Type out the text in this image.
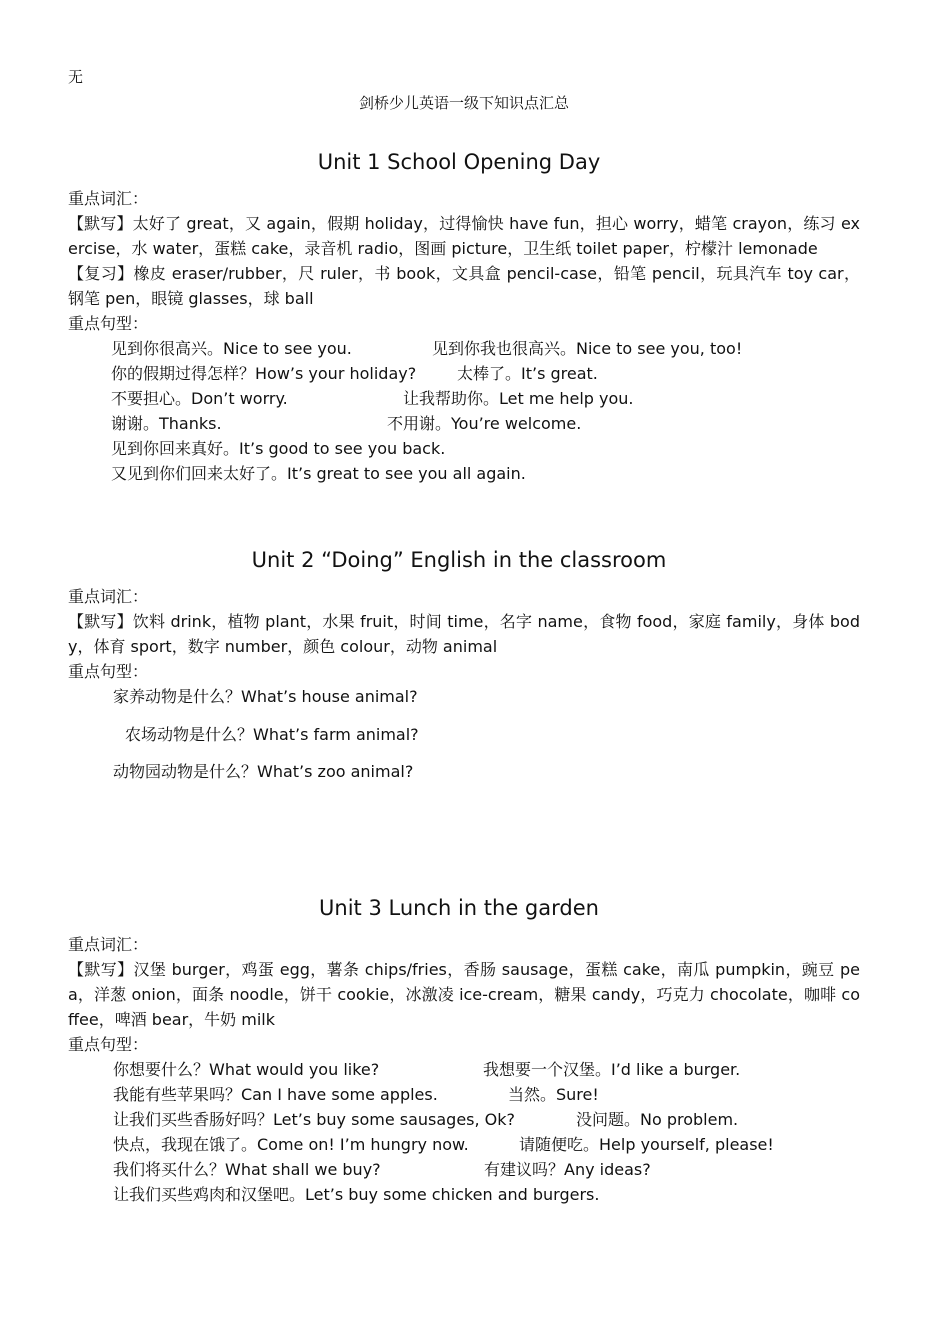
无
剑桥少儿英语一级下知识点汇总
Unit 1 School Opening Day
重点词汇：
【默写】太好了 great，又 again，假期 holiday，过得愉快 have fun，担心 worry，蜡笔 crayon，练习 exercise，水 water，蛋糕 cake，录音机 radio，图画 picture，卫生纸 toilet paper，柠檬汁 lemonade
【复习】橡皮 eraser/rubber，尺 ruler，书 book，文具盒 pencil-case，铅笔 pencil，玩具汽车 toy car，钢笔 pen，眼镜 glasses，球 ball
重点句型：
见到你很高兴。Nice to see you.	见到你我也很高兴。Nice to see you, too!
你的假期过得怎样？How’s your holiday?	太棒了。It’s great.
不要担心。Don’t worry.	让我帮助你。Let me help you.
谢谢。Thanks.	不用谢。You’re welcome.
见到你回来真好。It’s good to see you back.
又见到你们回来太好了。It’s great to see you all again.
Unit 2 “Doing” English in the classroom
重点词汇：
【默写】饮料 drink，植物 plant，水果 fruit，时间 time，名字 name，食物 food，家庭 family，身体 body，体育 sport，数字 number，颜色 colour，动物 animal
重点句型：
家养动物是什么？What’s house animal?
农场动物是什么？What’s farm animal?
动物园动物是什么？What’s zoo animal?
Unit 3 Lunch in the garden
重点词汇：
【默写】汉堡 burger，鸡蛋 egg，薯条 chips/fries，香肠 sausage，蛋糕 cake，南瓜 pumpkin，豌豆 pea，洋葱 onion，面条 noodle，饼干 cookie，冰激凌 ice-cream，糖果 candy，巧克力 chocolate，咖啡 coffee，啤酒 bear，牛奶 milk
重点句型：
你想要什么？What would you like?	我想要一个汉堡。I’d like a burger.
我能有些苹果吗？Can I have some apples.	当然。Sure!
让我们买些香肠好吗？Let’s buy some sausages, Ok?	没问题。No problem.
快点，我现在饿了。Come on! I’m hungry now.	请随便吃。Help yourself, please!
我们将买什么？What shall we buy?	有建议吗？Any ideas?
让我们买些鸡肉和汉堡吧。Let’s buy some chicken and burgers.
